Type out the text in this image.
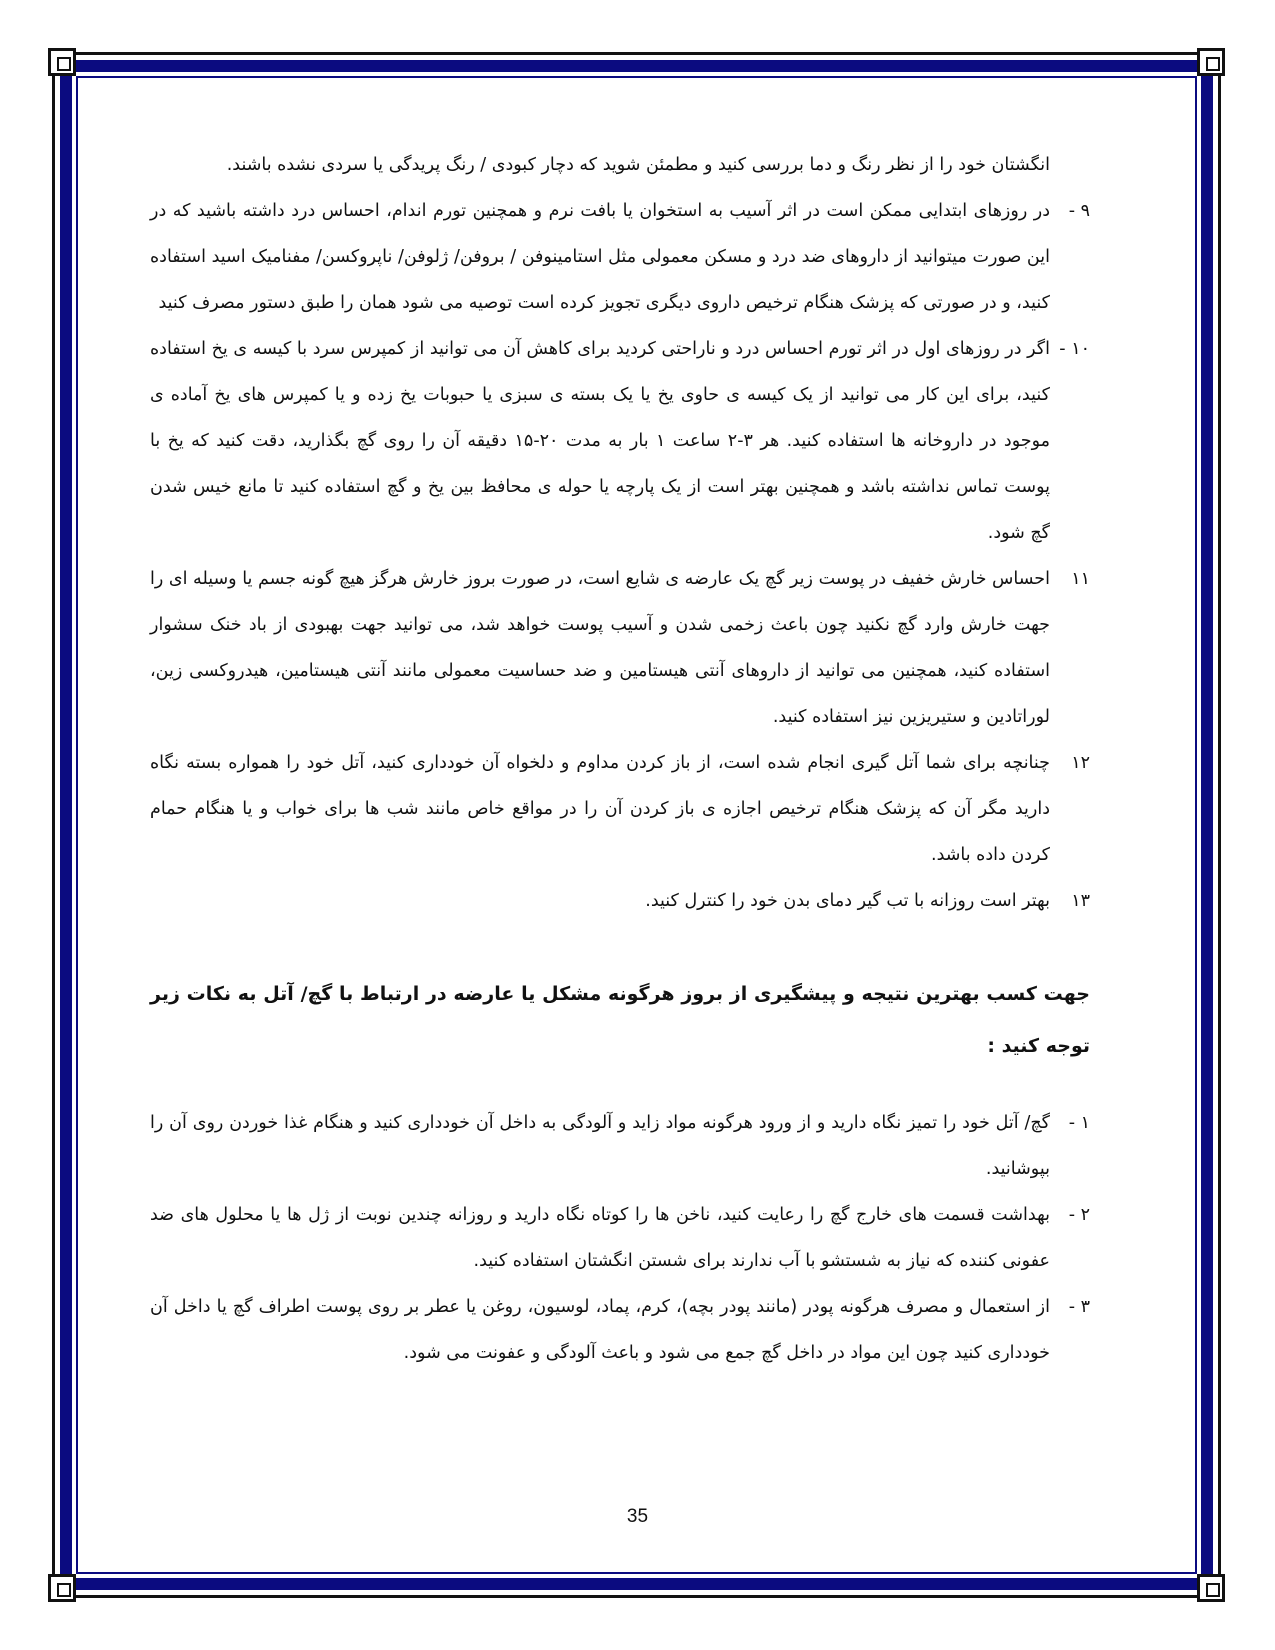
انگشتان خود را از نظر رنگ و دما بررسی کنید و مطمئن شوید که دچار کبودی / رنگ پریدگی یا سردی نشده باشند.
۹ -
در روزهای ابتدایی ممکن است در اثر آسیب به استخوان یا بافت نرم و همچنین تورم اندام، احساس درد داشته باشید که در این صورت میتوانید از داروهای ضد درد و مسکن معمولی مثل استامینوفن / بروفن/ ژلوفن/ ناپروکسن/ مفنامیک اسید استفاده کنید، و در صورتی که پزشک هنگام ترخیص داروی دیگری تجویز کرده است توصیه می شود همان را طبق دستور مصرف کنید
۱۰ -
اگر در روزهای اول در اثر تورم احساس درد و ناراحتی کردید برای کاهش آن می توانید از کمپرس سرد با کیسه ی یخ استفاده کنید، برای این کار می توانید از یک کیسه ی حاوی یخ یا یک بسته ی سبزی یا حبوبات یخ زده و یا کمپرس های یخ آماده ی موجود در داروخانه ها استفاده کنید. هر ۳-۲ ساعت ۱ بار به مدت ۲۰-۱۵ دقیقه آن را روی گچ بگذارید، دقت کنید که یخ با پوست تماس نداشته باشد و همچنین بهتر است از یک پارچه یا حوله ی محافظ بین یخ و گچ استفاده کنید تا مانع خیس شدن گچ شود.
۱۱
احساس خارش خفیف در پوست زیر گچ یک عارضه ی شایع است، در صورت بروز خارش هرگز هیچ گونه جسم یا وسیله ای را جهت خارش وارد گچ نکنید چون باعث زخمی شدن و آسیب پوست خواهد شد، می توانید جهت بهبودی از باد خنک سشوار استفاده کنید، همچنین می توانید از داروهای آنتی هیستامین و ضد حساسیت معمولی مانند آنتی هیستامین، هیدروکسی زین، لوراتادین و ستیریزین نیز استفاده کنید.
۱۲
چنانچه برای شما آتل گیری انجام شده است، از باز کردن مداوم و دلخواه آن خودداری کنید، آتل خود را همواره بسته نگاه دارید مگر آن که پزشک هنگام ترخیص اجازه ی باز کردن آن را در مواقع خاص مانند شب ها برای خواب و یا هنگام حمام کردن داده باشد.
۱۳
بهتر است روزانه با تب گیر دمای بدن خود را کنترل کنید.
جهت کسب بهترین نتیجه و پیشگیری از بروز هرگونه مشکل یا عارضه در ارتباط با گچ/ آتل به نکات زیر توجه کنید :
۱ -
گچ/ آتل خود را تمیز نگاه دارید و از ورود هرگونه مواد زاید و آلودگی به داخل آن خودداری کنید و هنگام غذا خوردن روی آن را بپوشانید.
۲ -
بهداشت قسمت های خارج گچ را رعایت کنید، ناخن ها را کوتاه نگاه دارید و روزانه چندین نوبت از ژل ها یا محلول های ضد عفونی کننده که نیاز به شستشو با آب ندارند برای شستن انگشتان استفاده کنید.
۳ -
از استعمال و مصرف هرگونه پودر (مانند پودر بچه)، کرم، پماد، لوسیون، روغن یا عطر بر روی پوست اطراف گچ یا داخل آن خودداری کنید چون این مواد در داخل گچ جمع می شود و باعث آلودگی و عفونت می شود.
35
